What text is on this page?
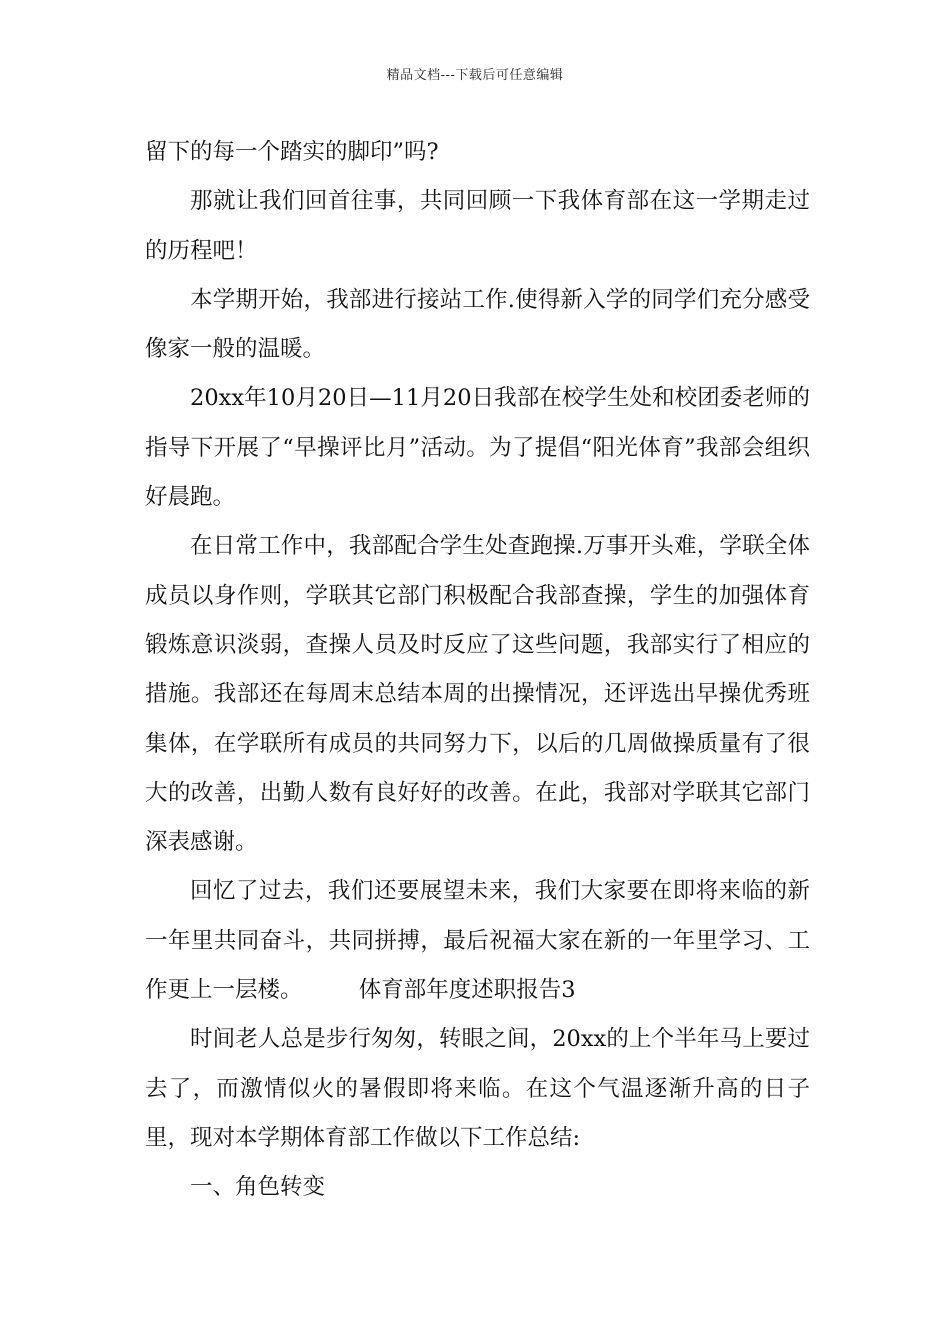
精品文档---下载后可任意编辑

留下的每一个踏实的脚印”吗?

那就让我们回首往事，共同回顾一下我体育部在这一学期走过的历程吧！

本学期开始，我部进行接站工作.使得新入学的同学们充分感受像家一般的温暖。

20xx年10月20日—11月20日我部在校学生处和校团委老师的指导下开展了“早操评比月”活动。为了提倡“阳光体育”我部会组织好晨跑。

在日常工作中，我部配合学生处查跑操.万事开头难，学联全体成员以身作则，学联其它部门积极配合我部查操，学生的加强体育锻炼意识淡弱，查操人员及时反应了这些问题，我部实行了相应的措施。我部还在每周末总结本周的出操情况，还评选出早操优秀班集体，在学联所有成员的共同努力下，以后的几周做操质量有了很大的改善，出勤人数有良好好的改善。在此，我部对学联其它部门深表感谢。

回忆了过去，我们还要展望未来，我们大家要在即将来临的新一年里共同奋斗，共同拼搏，最后祝福大家在新的一年里学习、工作更上一层楼。　　　体育部年度述职报告3

时间老人总是步行匆匆，转眼之间，20xx的上个半年马上要过去了，而激情似火的暑假即将来临。在这个气温逐渐升高的日子里，现对本学期体育部工作做以下工作总结:

一、角色转变
